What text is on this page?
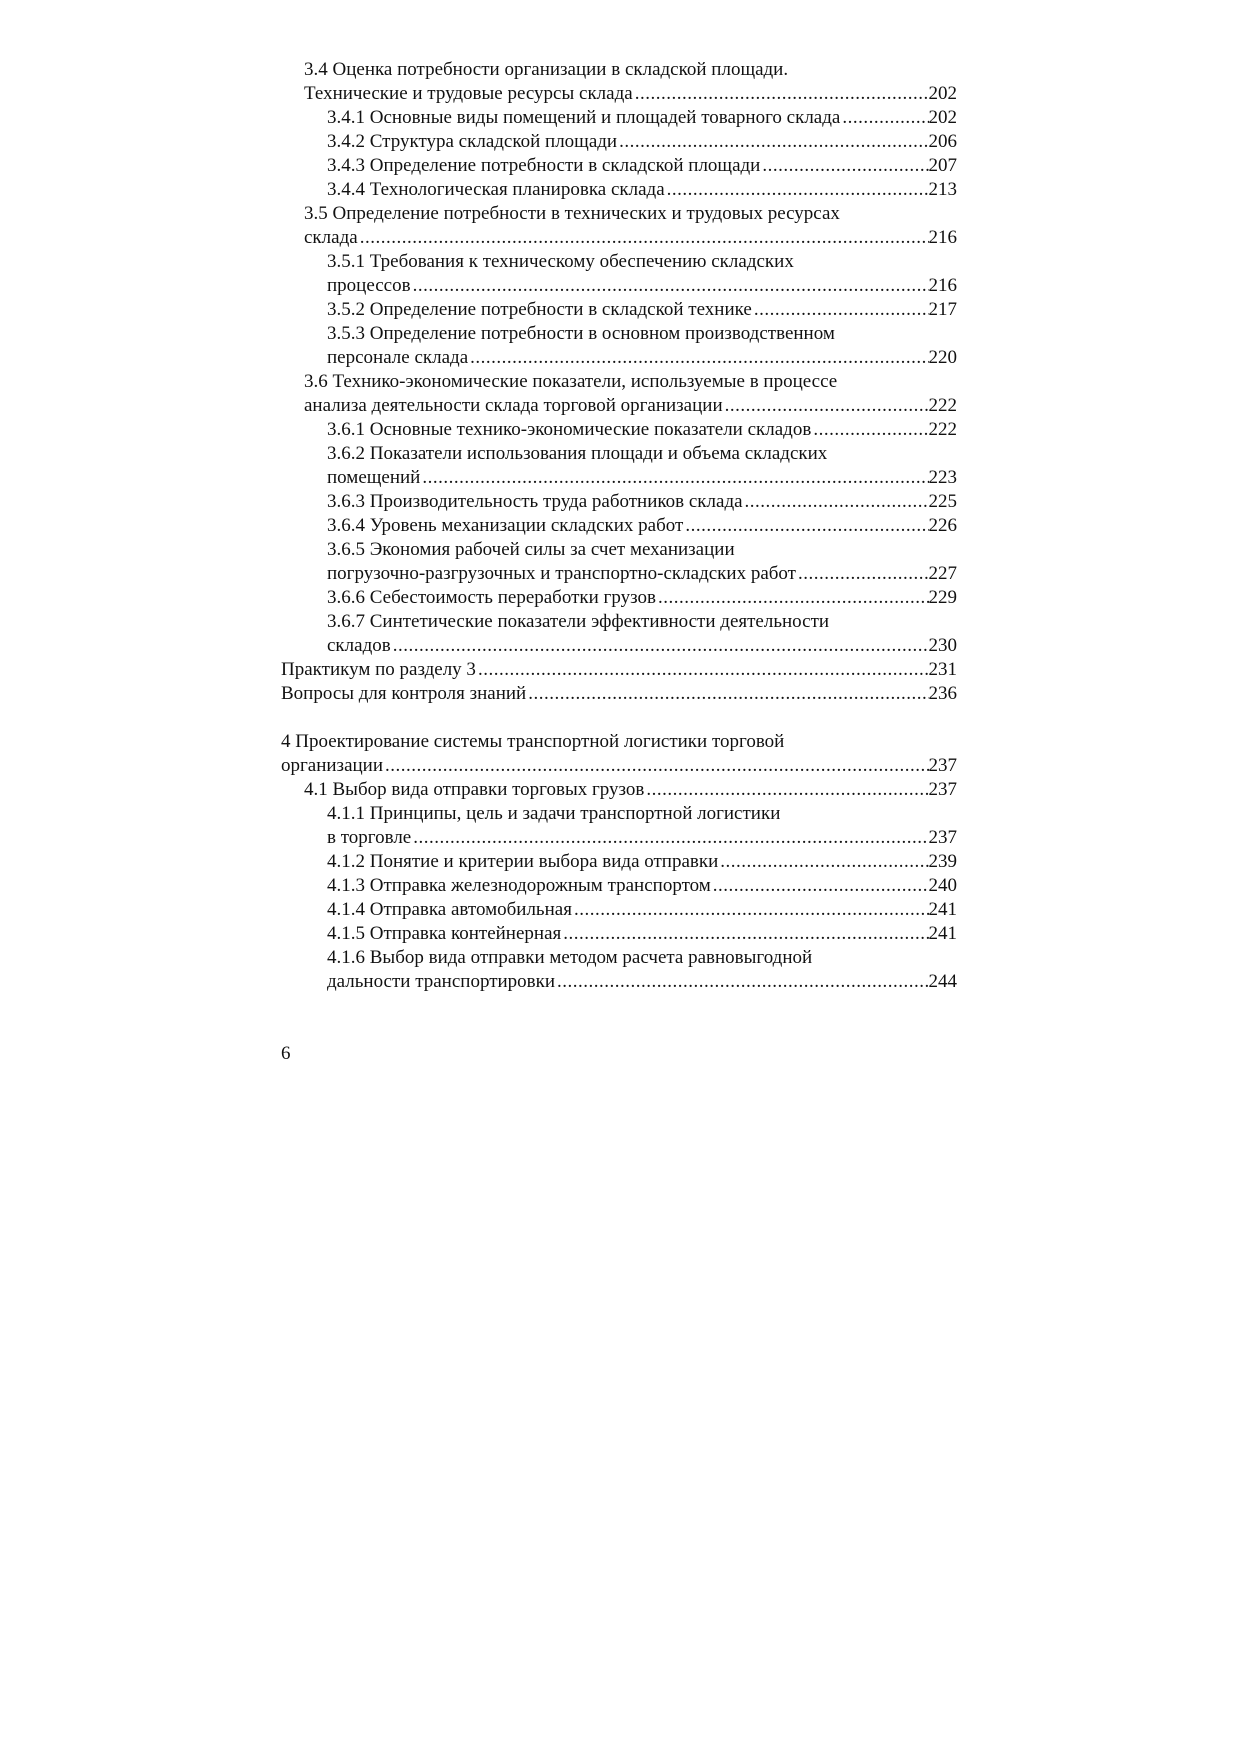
3.4 Оценка потребности организации в складской площади.
Технические и трудовые ресурсы склада .....	202
3.4.1 Основные виды помещений и площадей товарного склада .....	202
3.4.2 Структура складской площади .....	206
3.4.3 Определение потребности в складской площади .....	207
3.4.4 Технологическая планировка склада .....	213
3.5 Определение потребности в технических и трудовых ресурсах
склада .....	216
3.5.1 Требования к техническому обеспечению складских
процессов .....	216
3.5.2 Определение потребности в складской технике .....	217
3.5.3 Определение потребности в основном производственном
персонале склада .....	220
3.6 Технико-экономические показатели, используемые в процессе
анализа деятельности склада торговой организации .....	222
3.6.1 Основные технико-экономические показатели складов .....	222
3.6.2 Показатели использования площади и объема складских
помещений .....	223
3.6.3 Производительность труда работников склада .....	225
3.6.4 Уровень механизации складских работ .....	226
3.6.5 Экономия рабочей силы за счет механизации
погрузочно-разгрузочных и транспортно-складских работ .....	227
3.6.6 Себестоимость переработки грузов .....	229
3.6.7 Синтетические показатели эффективности деятельности
складов .....	230
Практикум по разделу 3 .....	231
Вопросы для контроля знаний .....	236
4 Проектирование системы транспортной логистики торговой
организации .....	237
4.1 Выбор вида отправки торговых грузов .....	237
4.1.1 Принципы, цель и задачи транспортной логистики
в торговле .....	237
4.1.2 Понятие и критерии выбора вида отправки .....	239
4.1.3 Отправка железнодорожным транспортом .....	240
4.1.4 Отправка автомобильная .....	241
4.1.5 Отправка контейнерная .....	241
4.1.6 Выбор вида отправки методом расчета равновыгодной
дальности транспортировки .....	244
6
